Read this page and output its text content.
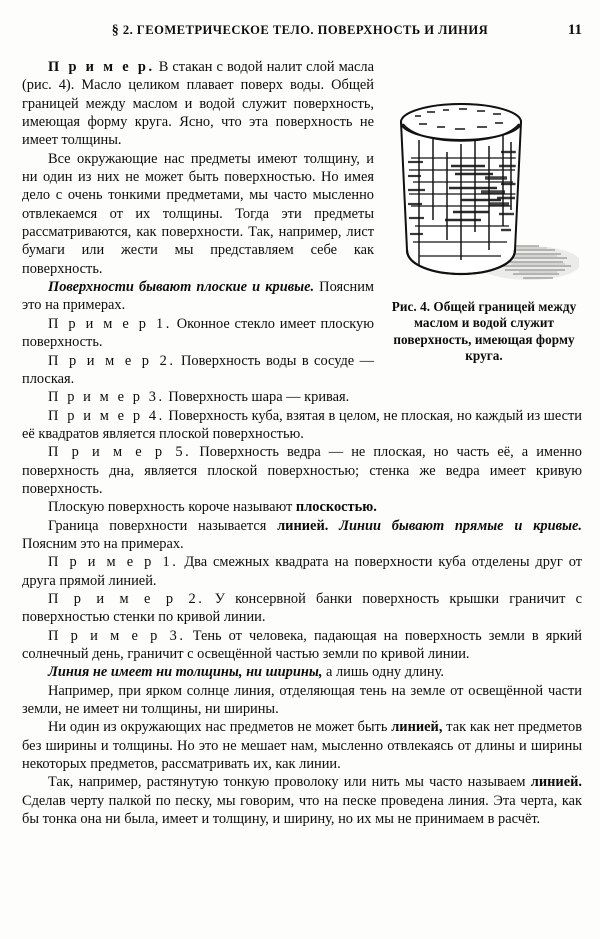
§ 2. ГЕОМЕТРИЧЕСКОЕ ТЕЛО. ПОВЕРХНОСТЬ И ЛИНИЯ	11
Рис. 4. Общей границей между маслом и водой служит поверхность, имеющая форму круга.

П р и м е р. В стакан с водой налит слой масла (рис. 4). Масло целиком плавает поверх воды. Общей границей между маслом и водой служит поверхность, имеющая форму круга. Ясно, что эта поверхность не имеет толщины.

Все окружающие нас предметы имеют толщину, и ни один из них не может быть поверхностью. Но имея дело с очень тонкими предметами, мы часто мысленно отвлекаемся от их толщины. Тогда эти предметы рассматриваются, как поверхности. Так, например, лист бумаги или жести мы представляем себе как поверхность.

Поверхности бывают плоские и кривые. Поясним это на примерах.

П р и м е р 1. Оконное стекло имеет плоскую поверхность.

П р и м е р 2. Поверхность воды в сосуде — плоская.

П р и м е р 3. Поверхность шара — кривая.

П р и м е р 4. Поверхность куба, взятая в целом, не плоская, но каждый из шести её квадратов является плоской поверхностью.

П р и м е р 5. Поверхность ведра — не плоская, но часть её, а именно поверхность дна, является плоской поверхностью; стенка же ведра имеет кривую поверхность.

Плоскую поверхность короче называют плоскостью.

Граница поверхности называется линией. Линии бывают прямые и кривые. Поясним это на примерах.

П р и м е р 1. Два смежных квадрата на поверхности куба отделены друг от друга прямой линией.

П р и м е р 2. У консервной банки поверхность крышки граничит с поверхностью стенки по кривой линии.

П р и м е р 3. Тень от человека, падающая на поверхность земли в яркий солнечный день, граничит с освещённой частью земли по кривой линии.

Линия не имеет ни толщины, ни ширины, а лишь одну длину.

Например, при ярком солнце линия, отделяющая тень на земле от освещённой части земли, не имеет ни толщины, ни ширины.

Ни один из окружающих нас предметов не может быть линией, так как нет предметов без ширины и толщины. Но это не мешает нам, мысленно отвлекаясь от длины и ширины некоторых предметов, рассматривать их, как линии.

Так, например, растянутую тонкую проволоку или нить мы часто называем линией. Сделав черту палкой по песку, мы говорим, что на песке проведена линия. Эта черта, как бы тонка она ни была, имеет и толщину, и ширину, но их мы не принимаем в расчёт.
